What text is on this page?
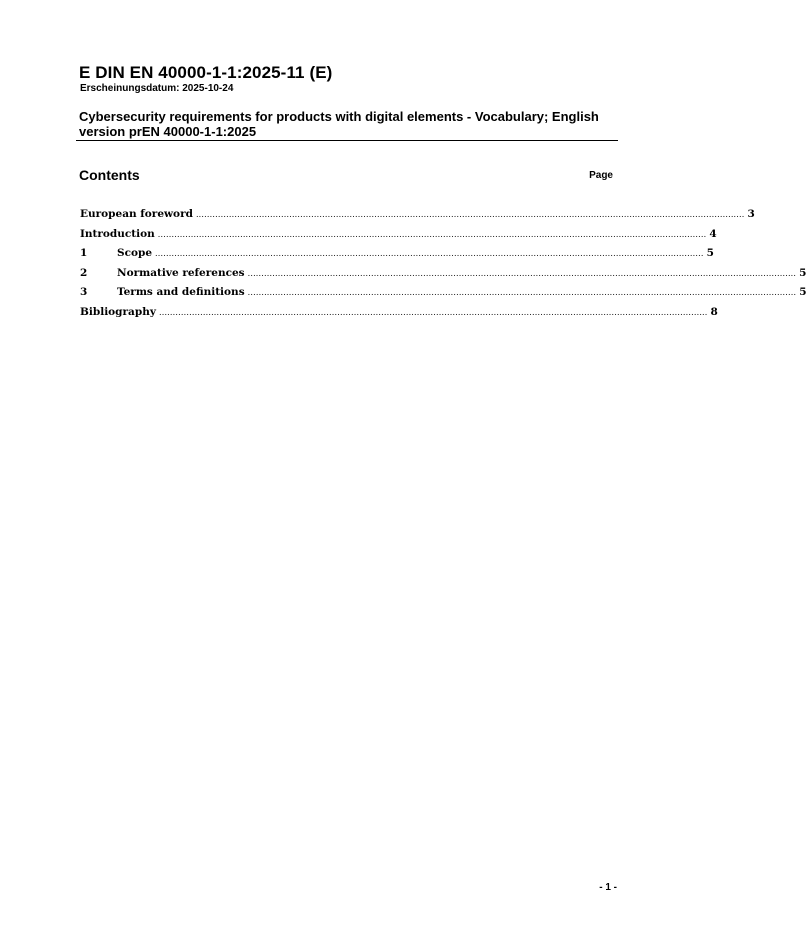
E DIN EN 40000-1-1:2025-11 (E)
Erscheinungsdatum: 2025-10-24
Cybersecurity requirements for products with digital elements - Vocabulary; English version prEN 40000-1-1:2025
Contents	Page
European foreword ........................................................................................................................................................................................................ 3
Introduction ........................................................................................................................................................................................................ 4
1	Scope ........................................................................................................................................................................................................ 5
2	Normative references ........................................................................................................................................................................................................ 5
3	Terms and definitions ........................................................................................................................................................................................................ 5
Bibliography ........................................................................................................................................................................................................ 8
- 1 -
